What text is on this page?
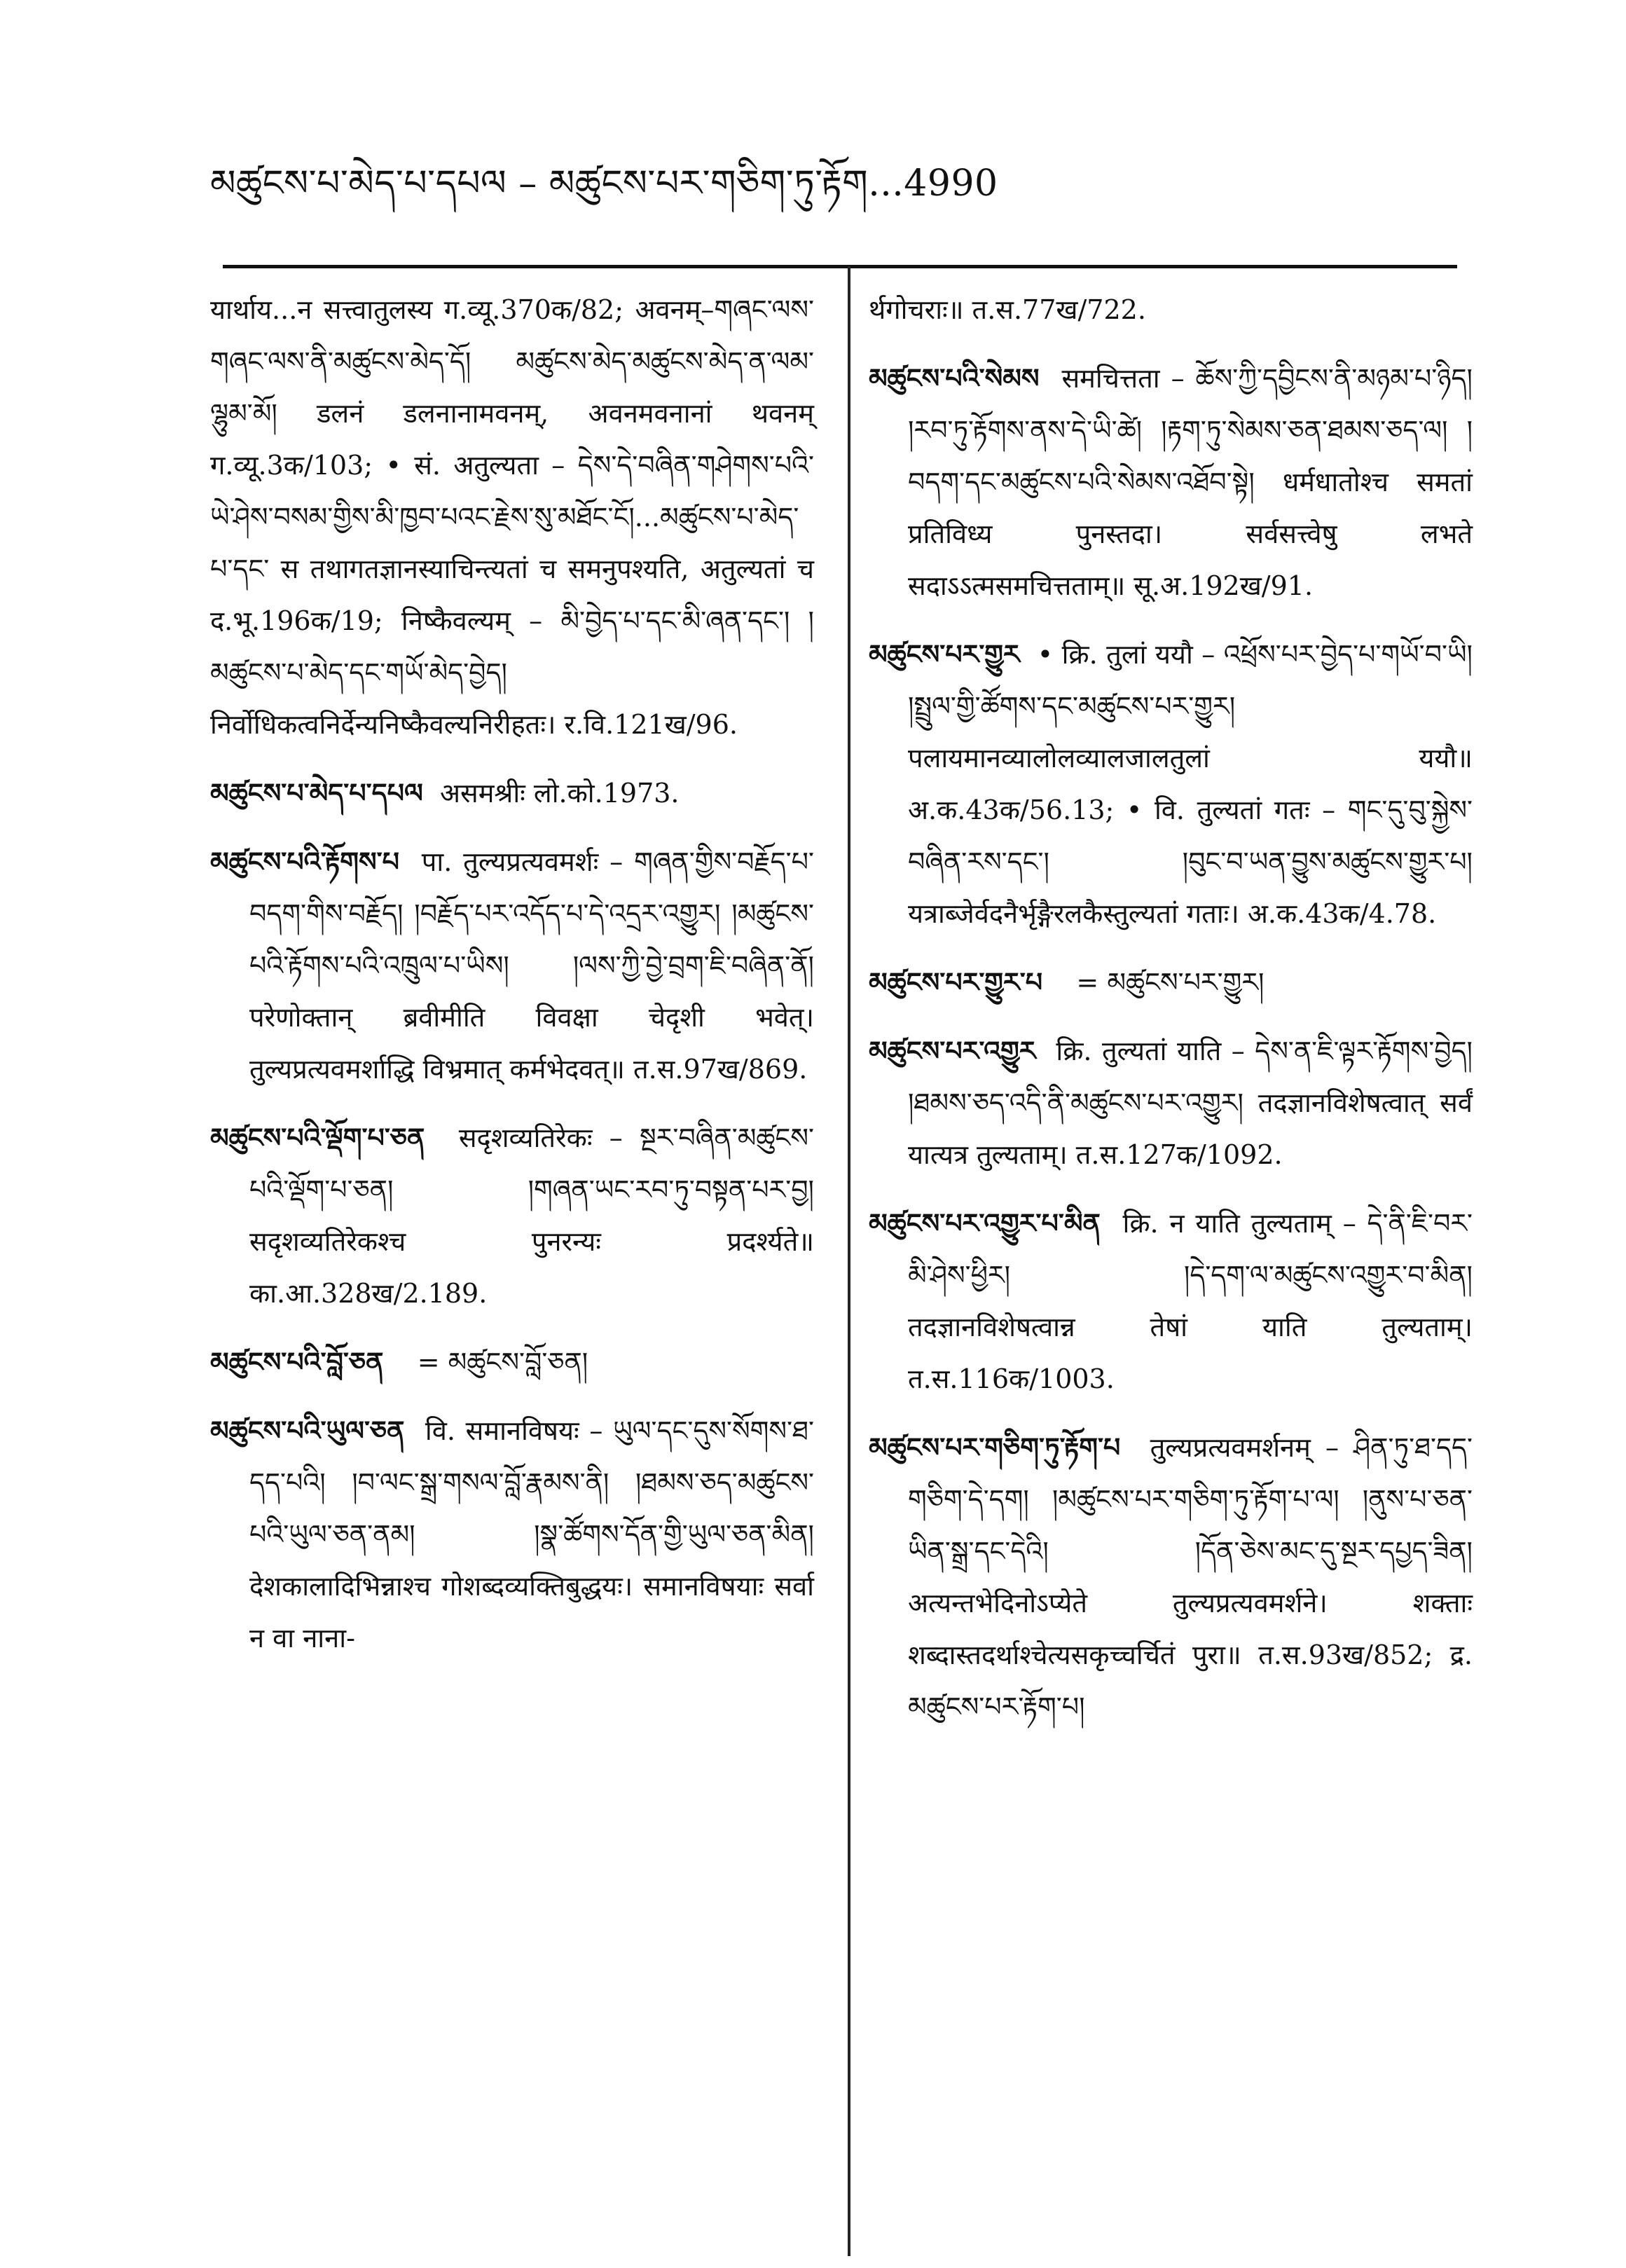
མཚུངས་པ་མེད་པ་དཔལ – མཚུངས་པར་གཅིག་ཏུ་རྟོག...4990

यार्थाय...न सत्त्वातुलस्य ग.व्यू.370क/82; अवनम्–གཞང་ལས་གཞང་ལས་ནི་མཚུངས་མེད་དོ། མཚུངས་མེད་མཚུངས་མེད་ན་ལམ་ལྷུམ་མོ། डलनं डलनानामवनम्, अवनमवनानां थवनम् ग.व्यू.3क/103; • सं. अतुल्यता – དེས་དེ་བཞིན་གཤེགས་པའི་ཡེ་ཤེས་བསམ་གྱིས་མི་ཁྱབ་པའང་རྗེས་སུ་མཐོང་ངོ།...མཚུངས་པ་མེད་པ་དང་ स तथागतज्ञानस्याचिन्त्यतां च समनुपश्यति, अतुल्यतां च द.भू.196क/19; निष्कैवल्यम् – མི་བྱེད་པ་དང་མི་ཞན་དང་། །མཚུངས་པ་མེད་དང་གཡོ་མེད་བྱེད། निर्वोधिकत्वनिर्देन्यनिष्कैवल्यनिरीहतः। र.वि.121ख/96.

མཚུངས་པ་མེད་པ་དཔལ असमश्रीः लो.को.1973.

མཚུངས་པའི་རྟོགས་པ पा. तुल्यप्रत्यवमर्शः – གཞན་གྱིས་བརྗོད་པ་བདག་གིས་བརྗོད། །བརྗོད་པར་འདོད་པ་དེ་འདྲར་འགྱུར། །མཚུངས་པའི་རྟོགས་པའི་འཁྲུལ་པ་ཡིས། །ལས་ཀྱི་བྱེ་བྲག་ཇི་བཞིན་ནོ། परेणोक्तान् ब्रवीमीति विवक्षा चेदृशी भवेत्। तुल्यप्रत्यवमर्शाद्धि विभ्रमात् कर्मभेदवत्॥ त.स.97ख/869.

མཚུངས་པའི་ལྡོག་པ་ཅན सदृशव्यतिरेकः – སྔར་བཞིན་མཚུངས་པའི་ལྡོག་པ་ཅན། །གཞན་ཡང་རབ་ཏུ་བསྟན་པར་བྱ། सदृशव्यतिरेकश्च पुनरन्यः प्रदर्श्यते॥ का.आ.328ख/2.189.

མཚུངས་པའི་བློ་ཅན = མཚུངས་བློ་ཅན།

མཚུངས་པའི་ཡུལ་ཅན वि. समानविषयः – ཡུལ་དང་དུས་སོགས་ཐ་དད་པའི། །བ་ལང་སྒྲ་གསལ་བློ་རྣམས་ནི། །ཐམས་ཅད་མཚུངས་པའི་ཡུལ་ཅན་ནམ། །སྣ་ཚོགས་དོན་གྱི་ཡུལ་ཅན་མིན། देशकालादिभिन्नाश्च गोशब्दव्यक्तिबुद्धयः। समानविषयाः सर्वा न वा नाना-

र्थगोचराः॥ त.स.77ख/722.

མཚུངས་པའི་སེམས समचित्तता – ཆོས་ཀྱི་དབྱིངས་ནི་མཉམ་པ་ཉིད། །རབ་ཏུ་རྟོགས་ནས་དེ་ཡི་ཚེ། །རྟག་ཏུ་སེམས་ཅན་ཐམས་ཅད་ལ། །བདག་དང་མཚུངས་པའི་སེམས་འཐོབ་སྟེ། धर्मधातोश्च समतां प्रतिविध्य पुनस्तदा। सर्वसत्त्वेषु लभते सदाऽऽत्मसमचित्तताम्॥ सू.अ.192ख/91.

མཚུངས་པར་གྱུར • क्रि. तुलां ययौ – འཕྲོས་པར་བྱེད་པ་གཡོ་བ་ཡི། །སྤྲུལ་གྱི་ཚོགས་དང་མཚུངས་པར་གྱུར། पलायमानव्यालोलव्यालजालतुलां ययौ॥ अ.क.43क/56.13; • वि. तुल्यतां गतः – གང་དུ་བུ་སྐྱེས་བཞིན་རས་དང་། །བུང་བ་ཡན་བྱུས་མཚུངས་གྱུར་པ། यत्राब्जेर्वदनैर्भृङ्गैरलकैस्तुल्यतां गताः। अ.क.43क/4.78.

མཚུངས་པར་གྱུར་པ = མཚུངས་པར་གྱུར།

མཚུངས་པར་འགྱུར क्रि. तुल्यतां याति – དེས་ན་ཇི་ལྟར་རྟོགས་བྱེད། །ཐམས་ཅད་འདི་ནི་མཚུངས་པར་འགྱུར། तदज्ञानविशेषत्वात् सर्वं यात्यत्र तुल्यताम्। त.स.127क/1092.

མཚུངས་པར་འགྱུར་པ་མིན क्रि. न याति तुल्यताम् – དེ་ནི་ཇི་བར་མི་ཤེས་ཕྱིར། །དེ་དག་ལ་མཚུངས་འགྱུར་བ་མིན། तदज्ञानविशेषत्वान्न तेषां याति तुल्यताम्। त.स.116क/1003.

མཚུངས་པར་གཅིག་ཏུ་རྟོག་པ तुल्यप्रत्यवमर्शनम् – ཤིན་ཏུ་ཐ་དད་གཅིག་དེ་དག། །མཚུངས་པར་གཅིག་ཏུ་རྟོག་པ་ལ། །ནུས་པ་ཅན་ཡིན་སྒྲ་དང་དེའི། །དོན་ཅེས་མང་དུ་སྔར་དཔྱད་ཟིན། अत्यन्तभेदिनोऽप्येते तुल्यप्रत्यवमर्शने। शक्ताः शब्दास्तदर्थाश्चेत्यसकृच्चर्चितं पुरा॥ त.स.93ख/852; द्र. མཚུངས་པར་རྟོག་པ།
